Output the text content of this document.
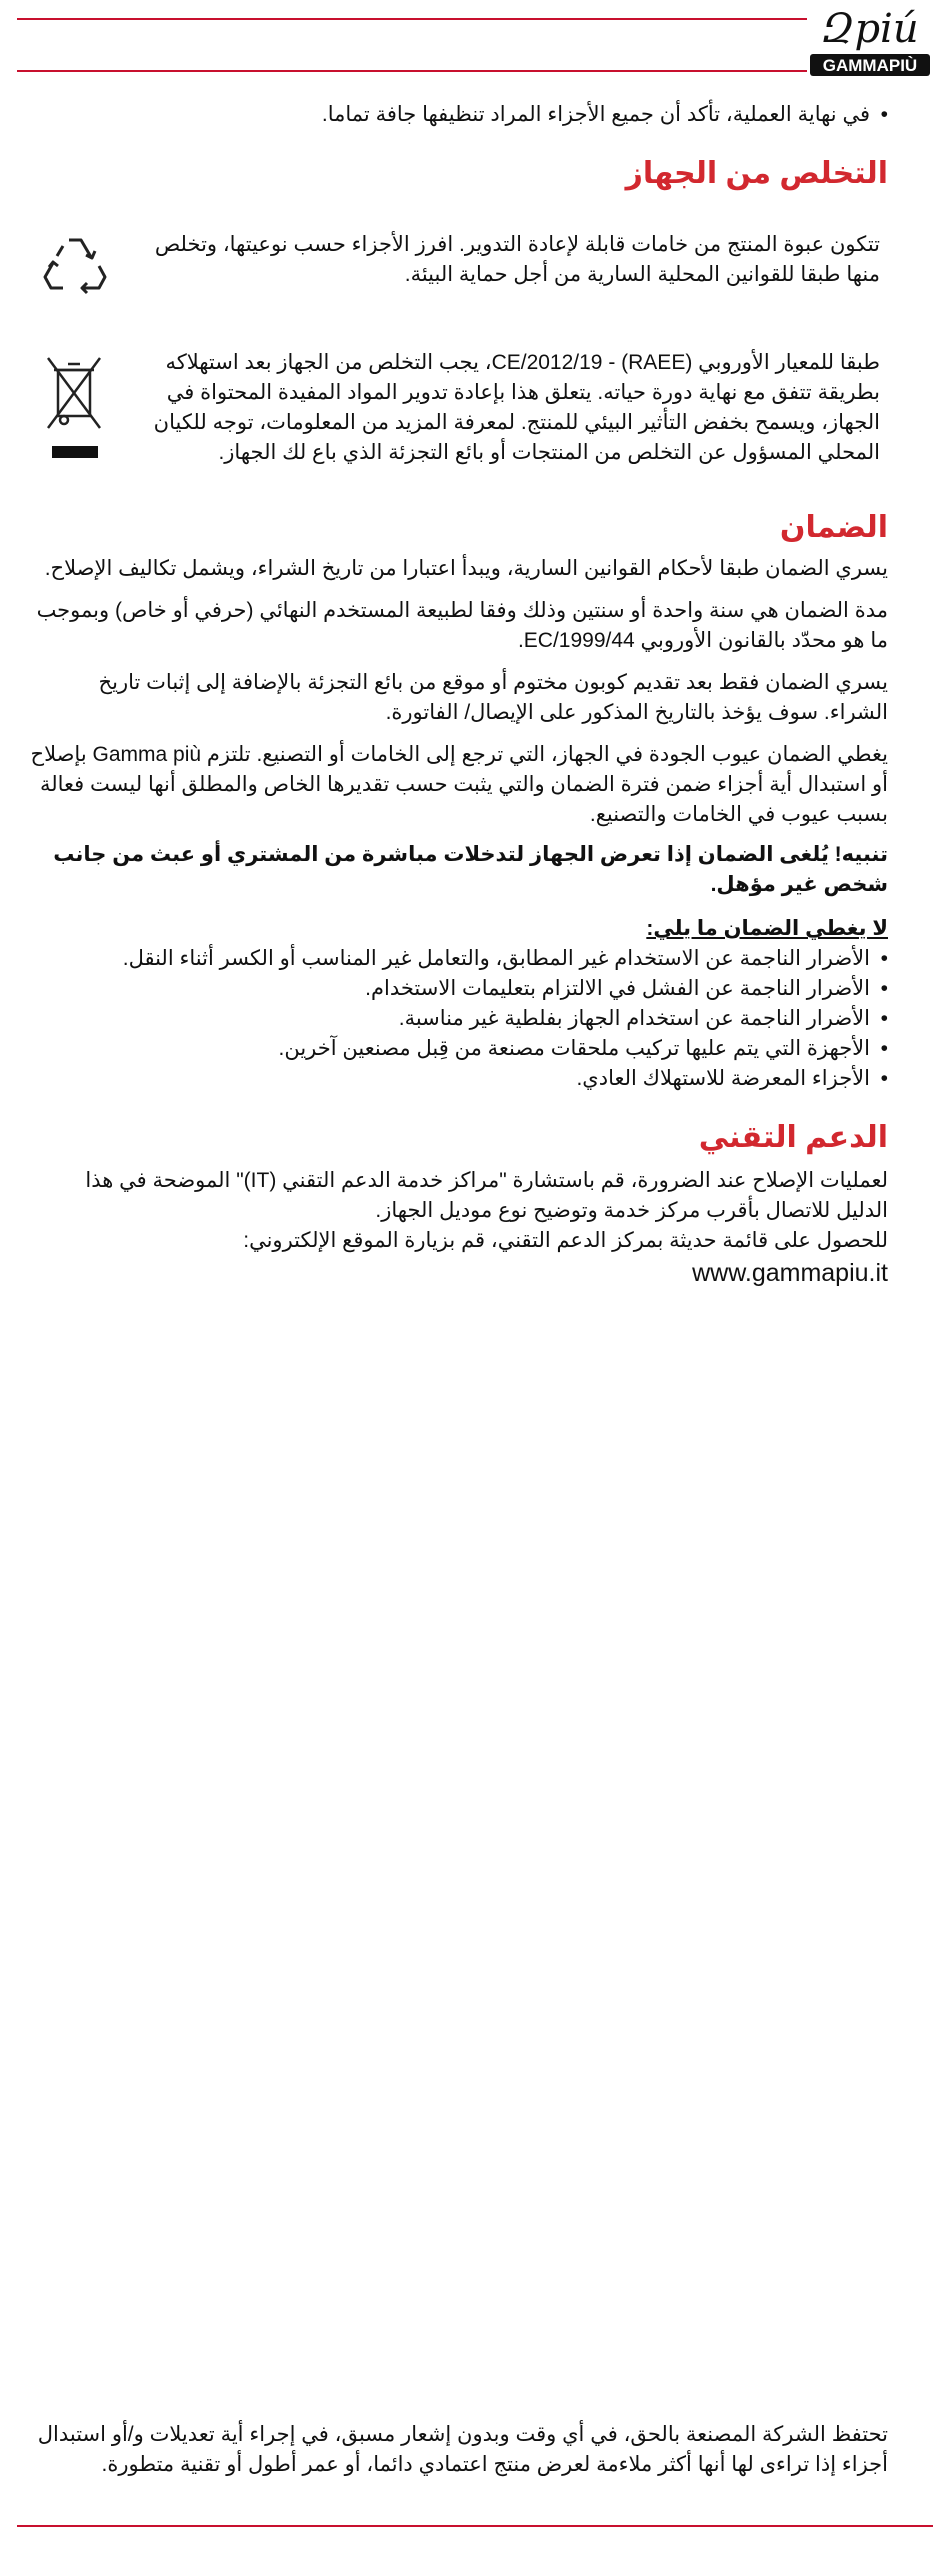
Զpiú
GAMMAPIÙ

• في نهاية العملية، تأكد أن جميع الأجزاء المراد تنظيفها جافة تماما.

التخلص من الجهاز

تتكون عبوة المنتج من خامات قابلة لإعادة التدوير. افرز الأجزاء حسب نوعيتها، وتخلص منها طبقا للقوانين المحلية السارية من أجل حماية البيئة.

طبقا للمعيار الأوروبي CE/2012/19 - (RAEE)، يجب التخلص من الجهاز بعد استهلاكه بطريقة تتفق مع نهاية دورة حياته. يتعلق هذا بإعادة تدوير المواد المفيدة المحتواة في الجهاز، ويسمح بخفض التأثير البيئي للمنتج. لمعرفة المزيد من المعلومات، توجه للكيان المحلي المسؤول عن التخلص من المنتجات أو بائع التجزئة الذي باع لك الجهاز.

الضمان

يسري الضمان طبقا لأحكام القوانين السارية، ويبدأ اعتبارا من تاريخ الشراء، ويشمل تكاليف الإصلاح.

مدة الضمان هي سنة واحدة أو سنتين وذلك وفقا لطبيعة المستخدم النهائي (حرفي أو خاص) وبموجب ما هو محدّد بالقانون الأوروبي EC/1999/44.

يسري الضمان فقط بعد تقديم كوبون مختوم أو موقع من بائع التجزئة بالإضافة إلى إثبات تاريخ الشراء. سوف يؤخذ بالتاريخ المذكور على الإيصال/ الفاتورة.

يغطي الضمان عيوب الجودة في الجهاز، التي ترجع إلى الخامات أو التصنيع. تلتزم Gamma più بإصلاح أو استبدال أية أجزاء ضمن فترة الضمان والتي يثبت حسب تقديرها الخاص والمطلق أنها ليست فعالة بسبب عيوب في الخامات والتصنيع.

تنبيه! يُلغى الضمان إذا تعرض الجهاز لتدخلات مباشرة من المشتري أو عبث من جانب شخص غير مؤهل.

لا يغطي الضمان ما يلي:

• الأضرار الناجمة عن الاستخدام غير المطابق، والتعامل غير المناسب أو الكسر أثناء النقل.

• الأضرار الناجمة عن الفشل في الالتزام بتعليمات الاستخدام.

• الأضرار الناجمة عن استخدام الجهاز بفلطية غير مناسبة.

• الأجهزة التي يتم عليها تركيب ملحقات مصنعة من قِبل مصنعين آخرين.

• الأجزاء المعرضة للاستهلاك العادي.

الدعم التقني

لعمليات الإصلاح عند الضرورة، قم باستشارة "مراكز خدمة الدعم التقني (IT)" الموضحة في هذا الدليل للاتصال بأقرب مركز خدمة وتوضيح نوع موديل الجهاز.

للحصول على قائمة حديثة بمركز الدعم التقني، قم بزيارة الموقع الإلكتروني:

www.gammapiu.it

تحتفظ الشركة المصنعة بالحق، في أي وقت وبدون إشعار مسبق، في إجراء أية تعديلات و/أو استبدال أجزاء إذا تراءى لها أنها أكثر ملاءمة لعرض منتج اعتمادي دائما، أو عمر أطول أو تقنية متطورة.
